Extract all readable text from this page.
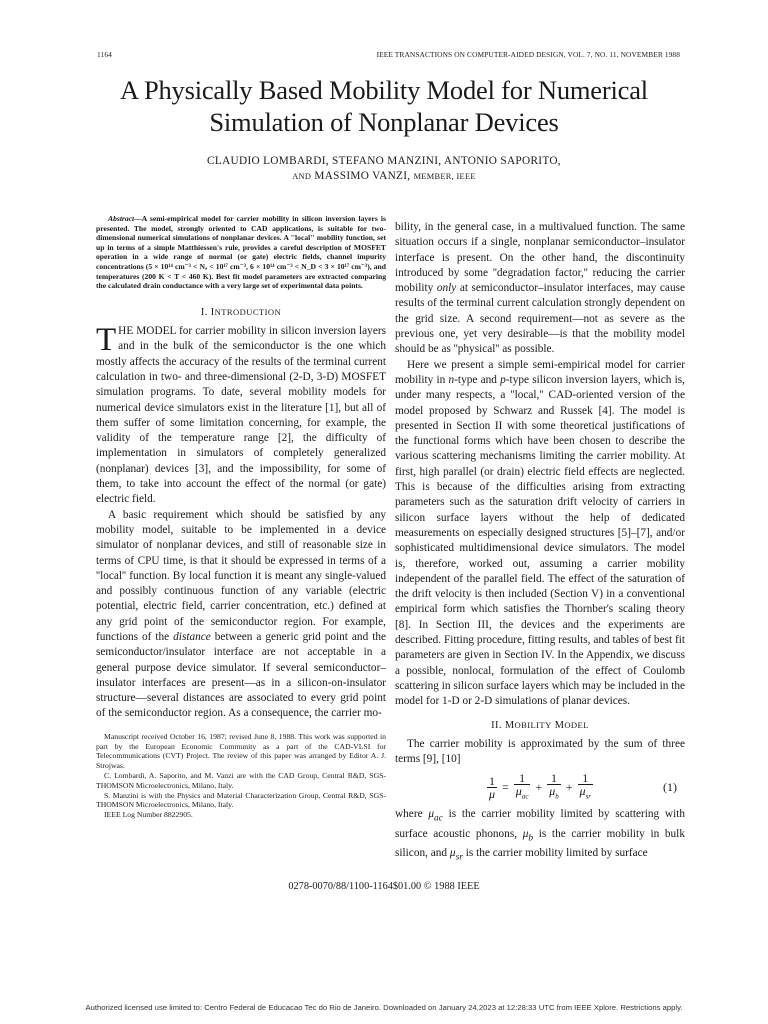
1164	IEEE TRANSACTIONS ON COMPUTER-AIDED DESIGN, VOL. 7, NO. 11, NOVEMBER 1988
A Physically Based Mobility Model for Numerical
Simulation of Nonplanar Devices
CLAUDIO LOMBARDI, STEFANO MANZINI, ANTONIO SAPORITO,
AND MASSIMO VANZI, MEMBER, IEEE

Abstract—A semi-empirical model for carrier mobility in silicon inversion layers is presented. The model, strongly oriented to CAD applications, is suitable for two-dimensional numerical simulations of nonplanar devices. A ''local'' mobility function, set up in terms of a simple Matthiessen's rule, provides a careful description of MOSFET operation in a wide range of normal (or gate) electric fields, channel impurity concentrations (5 × 10¹⁴ cm⁻³ < Nₐ < 10¹⁷ cm⁻³, 6 × 10¹⁴ cm⁻³ < N_D < 3 × 10¹⁷ cm⁻³), and temperatures (200 K < T < 460 K). Best fit model parameters are extracted comparing the calculated drain conductance with a very large set of experimental data points.

I. INTRODUCTION

THE MODEL for carrier mobility in silicon inversion layers and in the bulk of the semiconductor is the one which mostly affects the accuracy of the results of the terminal current calculation in two- and three-dimensional (2-D, 3-D) MOSFET simulation programs. To date, several mobility models for numerical device simulators exist in the literature [1], but all of them suffer of some limitation concerning, for example, the validity of the temperature range [2], the difficulty of implementation in simulators of completely generalized (nonplanar) devices [3], and the impossibility, for some of them, to take into account the effect of the normal (or gate) electric field.

A basic requirement which should be satisfied by any mobility model, suitable to be implemented in a device simulator of nonplanar devices, and still of reasonable size in terms of CPU time, is that it should be expressed in terms of a ''local'' function. By local function it is meant any single-valued and possibly continuous function of any variable (electric potential, electric field, carrier concentration, etc.) defined at any grid point of the semiconductor region. For example, functions of the distance between a generic grid point and the semiconductor/insulator interface are not acceptable in a general purpose device simulator. If several semiconductor–insulator interfaces are present—as in a silicon-on-insulator structure—several distances are associated to every grid point of the semiconductor region. As a consequence, the carrier mo-

Manuscript received October 16, 1987; revised June 8, 1988. This work was supported in part by the European Economic Community as a part of the CAD-VLSI for Telecommunications (CVT) Project. The review of this paper was arranged by Editor A. J. Strojwas.

C. Lombardi, A. Saporito, and M. Vanzi are with the CAD Group, Central R&D, SGS-THOMSON Microelectronics, Milano, Italy.

S. Manzini is with the Physics and Material Characterization Group, Central R&D, SGS-THOMSON Microelectronics, Milano, Italy.

IEEE Log Number 8822905.

bility, in the general case, in a multivalued function. The same situation occurs if a single, nonplanar semiconductor–insulator interface is present. On the other hand, the discontinuity introduced by some ''degradation factor,'' reducing the carrier mobility only at semiconductor–insulator interfaces, may cause results of the terminal current calculation strongly dependent on the grid size. A second requirement—not as severe as the previous one, yet very desirable—is that the mobility model should be as ''physical'' as possible.

Here we present a simple semi-empirical model for carrier mobility in n-type and p-type silicon inversion layers, which is, under many respects, a ''local,'' CAD-oriented version of the model proposed by Schwarz and Russek [4]. The model is presented in Section II with some theoretical justifications of the functional forms which have been chosen to describe the various scattering mechanisms limiting the carrier mobility. At first, high parallel (or drain) electric field effects are neglected. This is because of the difficulties arising from extracting parameters such as the saturation drift velocity of carriers in silicon surface layers without the help of dedicated measurements on especially designed structures [5]–[7], and/or sophisticated multidimensional device simulators. The model is, therefore, worked out, assuming a carrier mobility independent of the parallel field. The effect of the saturation of the drift velocity is then included (Section V) in a conventional empirical form which satisfies the Thornber's scaling theory [8]. In Section III, the devices and the experiments are described. Fitting procedure, fitting results, and tables of best fit parameters are given in Section IV. In the Appendix, we discuss a possible, nonlocal, formulation of the effect of Coulomb scattering in silicon surface layers which may be included in the model for 1-D or 2-D simulations of planar devices.

II. MOBILITY MODEL

The carrier mobility is approximated by the sum of three terms [9], [10]

$\frac{1}{\mu} = \frac{1}{\mu_{ac}} + \frac{1}{\mu_b} + \frac{1}{\mu_{sr}}$	(1)

where $\mu_{ac}$ is the carrier mobility limited by scattering with surface acoustic phonons, $\mu_b$ is the carrier mobility in bulk silicon, and $\mu_{sr}$ is the carrier mobility limited by surface

0278-0070/88/1100-1164$01.00 © 1988 IEEE
Authorized licensed use limited to: Centro Federal de Educacao Tec do Rio de Janeiro. Downloaded on January 24,2023 at 12:28:33 UTC from IEEE Xplore. Restrictions apply.
